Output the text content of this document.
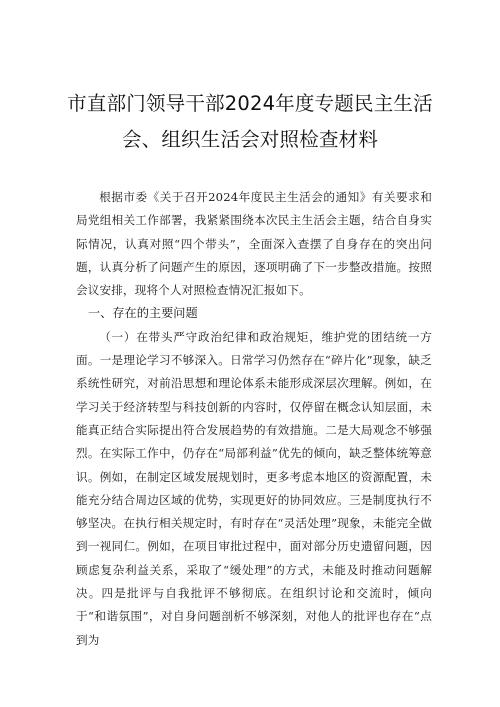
市直部门领导干部2024年度专题民主生活
会、组织生活会对照检查材料

根据市委《关于召开2024年度民主生活会的通知》有关要求和局党组相关工作部署，我紧紧围绕本次民主生活会主题，结合自身实际情况，认真对照“四个带头”，全面深入查摆了自身存在的突出问题，认真分析了问题产生的原因，逐项明确了下一步整改措施。按照会议安排，现将个人对照检查情况汇报如下。

一、存在的主要问题

（一）在带头严守政治纪律和政治规矩，维护党的团结统一方面。一是理论学习不够深入。日常学习仍然存在“碎片化”现象，缺乏系统性研究，对前沿思想和理论体系未能形成深层次理解。例如，在学习关于经济转型与科技创新的内容时，仅停留在概念认知层面，未能真正结合实际提出符合发展趋势的有效措施。二是大局观念不够强烈。在实际工作中，仍存在“局部利益”优先的倾向，缺乏整体统筹意识。例如，在制定区域发展规划时，更多考虑本地区的资源配置，未能充分结合周边区域的优势，实现更好的协同效应。三是制度执行不够坚决。在执行相关规定时，有时存在“灵活处理”现象，未能完全做到一视同仁。例如，在项目审批过程中，面对部分历史遗留问题，因顾虑复杂利益关系，采取了“缓处理”的方式，未能及时推动问题解决。四是批评与自我批评不够彻底。在组织讨论和交流时，倾向于“和谐氛围”，对自身问题剖析不够深刻，对他人的批评也存在“点到为
